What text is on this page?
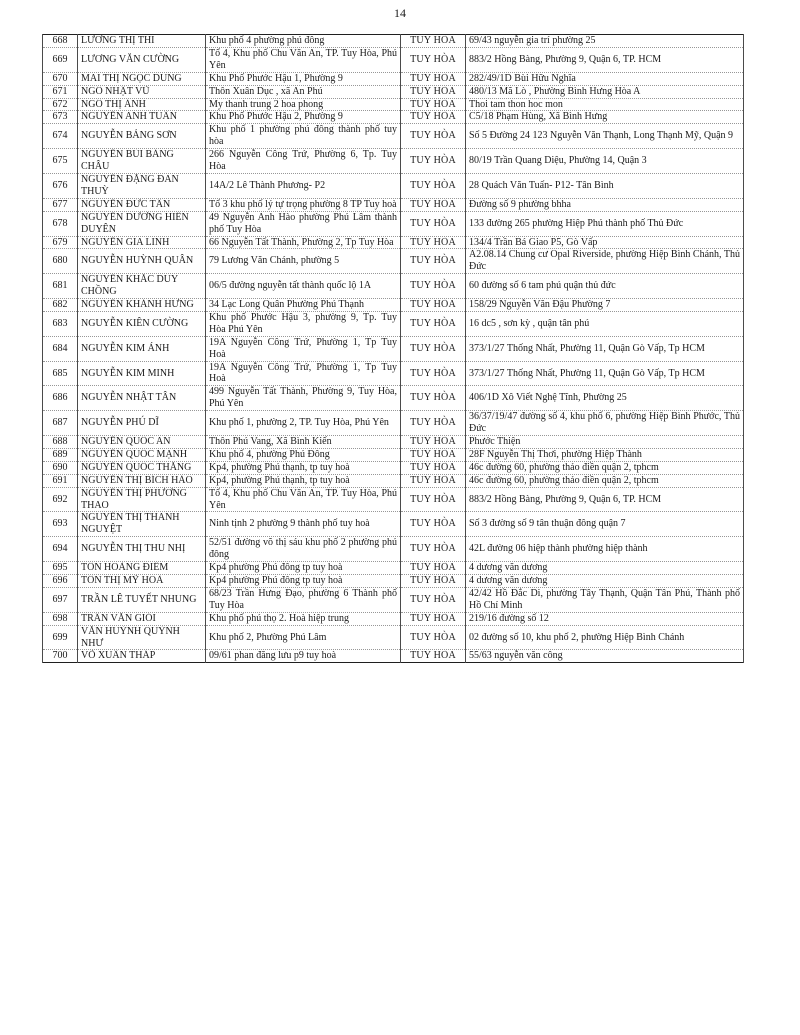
14
668	LƯƠNG THỊ THI	Khu phố 4 phường phú đông	TUY HÒA	69/43 nguyễn gia trí phường 25
669	LƯƠNG VĂN CƯỜNG	Tổ 4, Khu phố Chu Văn An, TP. Tuy Hòa, Phú Yên	TUY HÒA	883/2 Hồng Bàng, Phường 9, Quận 6, TP. HCM
670	MAI THỊ NGỌC DUNG	Khu Phố Phước Hậu 1, Phường 9	TUY HÒA	282/49/1D Bùi Hữu Nghĩa
671	NGÔ NHẬT VŨ	Thôn Xuân Dục , xã An Phú	TUY HÒA	480/13 Mã Lò , Phường Bình Hưng Hòa A
672	NGÔ THỊ ÁNH	My thanh trung 2 hoa phong	TUY HÒA	Thoi tam thon hoc mon
673	NGUYỄN ANH TUẤN	Khu Phố Phước Hậu 2, Phường 9	TUY HÒA	C5/18 Phạm Hùng, Xã Bình Hưng
674	NGUYỄN BẢNG SƠN	Khu phố 1 phường phú đông thành phố tuy hòa	TUY HÒA	Số 5 Đường 24 123 Nguyễn Văn Thạnh, Long Thạnh Mỹ, Quận 9
675	NGUYỄN BÙI BẢNG CHÂU	266 Nguyễn Công Trứ, Phường 6, Tp. Tuy Hòa	TUY HÒA	80/19 Trần Quang Diệu, Phường 14, Quận 3
676	NGUYỄN ĐẶNG ĐAN THUỲ	14A/2 Lê Thành Phương- P2	TUY HÒA	28 Quách Văn Tuấn- P12- Tân Bình
677	NGUYỄN ĐỨC TẤN	Tổ 3 khu phố lý tự trọng phường 8 TP Tuy hoà	TUY HÒA	Đường số 9 phường bhha
678	NGUYỄN DƯƠNG HIỀN DUYÊN	49 Nguyễn Anh Hào phường Phú Lâm thành phố Tuy Hòa	TUY HÒA	133 đường 265 phường Hiệp Phú thành phố Thủ Đức
679	NGUYỄN GIA LINH	66 Nguyễn Tất Thành, Phường 2, Tp Tuy Hòa	TUY HÒA	134/4 Trần Bá Giao P5, Gò Vấp
680	NGUYỄN HUỲNH QUÂN	79 Lương Văn Chánh, phường 5	TUY HÒA	A2.08.14 Chung cư Opal Riverside, phường Hiệp Bình Chánh, Thủ Đức
681	NGUYỄN KHẮC DUY CHỒNG	06/5 đường nguyễn tất thành quốc lộ 1A	TUY HÒA	60 đường số 6 tam phú quận thủ đức
682	NGUYỄN KHÁNH HƯNG	34 Lạc Long Quân Phường Phú Thạnh	TUY HÒA	158/29 Nguyễn Văn Đậu Phường 7
683	NGUYỄN KIÊN CƯỜNG	Khu phố Phước Hậu 3, phường 9, Tp. Tuy Hòa Phú Yên	TUY HÒA	16 dc5 , sơn kỳ , quận tân phú
684	NGUYỄN KIM ÁNH	19A Nguyễn Công Trứ, Phường 1, Tp Tuy Hoà	TUY HÒA	373/1/27 Thống Nhất, Phường 11, Quận Gò Vấp, Tp HCM
685	NGUYỄN KIM MINH	19A Nguyễn Công Trứ, Phường 1, Tp Tuy Hoà	TUY HÒA	373/1/27 Thống Nhất, Phường 11, Quận Gò Vấp, Tp HCM
686	NGUYỄN NHẬT TÂN	499 Nguyễn Tất Thành, Phường 9, Tuy Hòa, Phú Yên	TUY HÒA	406/1D Xô Viết Nghệ Tĩnh, Phường 25
687	NGUYỄN PHÚ DĨ	Khu phố 1, phường 2, TP. Tuy Hòa, Phú Yên	TUY HÒA	36/37/19/47 đường số 4, khu phố 6, phường Hiệp Bình Phước, Thủ Đức
688	NGUYỄN QUỐC AN	Thôn Phú Vang, Xã Bình Kiến	TUY HÒA	Phước Thiện
689	NGUYỄN QUỐC MẠNH	Khu phố 4, phường Phú Đông	TUY HÒA	28F Nguyễn Thị Thơi, phường Hiệp Thành
690	NGUYỄN QUỐC THẮNG	Kp4, phường Phú thạnh, tp tuy hoà	TUY HÒA	46c đường 60, phường thảo điền quận 2, tphcm
691	NGUYỄN THỊ BÍCH HẢO	Kp4, phường Phú thạnh, tp tuy hoà	TUY HÒA	46c đường 60, phường thảo điền quận 2, tphcm
692	NGUYỄN THỊ PHƯƠNG THAO	Tổ 4, Khu phố Chu Văn An, TP. Tuy Hòa, Phú Yên	TUY HÒA	883/2 Hồng Bàng, Phường 9, Quận 6, TP. HCM
693	NGUYỄN THỊ THANH NGUYỆT	Ninh tịnh 2 phường 9 thành phố tuy hoà	TUY HÒA	Số 3 đường số 9 tân thuận đông quận 7
694	NGUYỄN THỊ THU NHỊ	52/51 đường võ thị sáu khu phố 2 phường phú đông	TUY HÒA	42L đường 06 hiệp thành phường hiệp thành
695	TÔN HOÀNG ĐIỀM	Kp4 phường Phú đông tp tuy hoà	TUY HÒA	4 dương văn dương
696	TÔN THỊ MỸ HOÀ	Kp4 phường Phú đông tp tuy hoà	TUY HÒA	4 dương văn dương
697	TRẦN LÊ TUYẾT NHUNG	68/23 Trần Hưng Đạo, phường 6 Thành phố Tuy Hòa	TUY HÒA	42/42 Hồ Đắc Di, phường Tây Thạnh, Quận Tân Phú, Thành phố Hồ Chí Minh
698	TRẦN VĂN GIỎI	Khu phố phú thọ 2. Hoà hiệp trung	TUY HÒA	219/16 đường số 12
699	VĂN HUỲNH QUỲNH NHƯ	Khu phố 2, Phường Phú Lâm	TUY HÒA	02 đường số 10, khu phố 2, phường Hiệp Bình Chánh
700	VÕ XUÂN THÁP	09/61 phan đăng lưu p9 tuy hoà	TUY HÒA	55/63 nguyễn văn công
